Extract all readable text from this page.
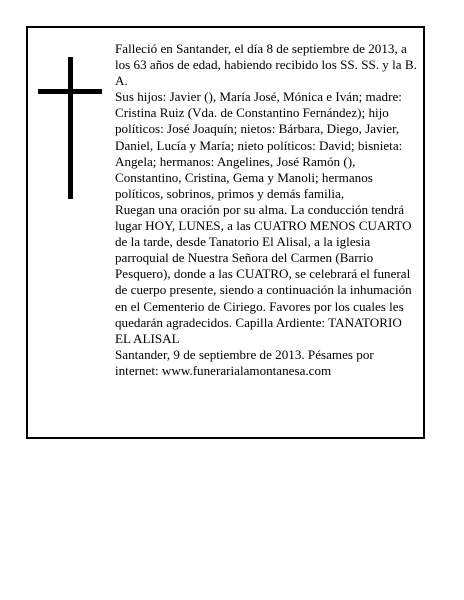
Falleció en Santander, el día 8 de septiembre de 2013, a los 63 años de edad, habiendo recibido los SS. SS. y la B. A.

Sus hijos: Javier (), María José, Mónica e Iván; madre: Cristina Ruiz (Vda. de Constantino Fernández); hijo políticos: José Joaquín; nietos: Bárbara, Diego, Javier, Daniel, Lucía y María; nieto políticos: David; bisnieta: Angela; hermanos: Angelines, José Ramón (), Constantino, Cristina, Gema y Manoli; hermanos políticos, sobrinos, primos y demás familia,

Ruegan una oración por su alma. La conducción tendrá lugar HOY, LUNES, a las CUATRO MENOS CUARTO de la tarde, desde Tanatorio El Alisal, a la iglesia parroquial de Nuestra Señora del Carmen (Barrio Pesquero), donde a las CUATRO, se celebrará el funeral de cuerpo presente, siendo a continuación la inhumación en el Cementerio de Ciriego. Favores por los cuales les quedarán agradecidos. Capilla Ardiente: TANATORIO EL ALISAL

Santander, 9 de septiembre de 2013. Pésames por internet: www.funerarialamontanesa.com
